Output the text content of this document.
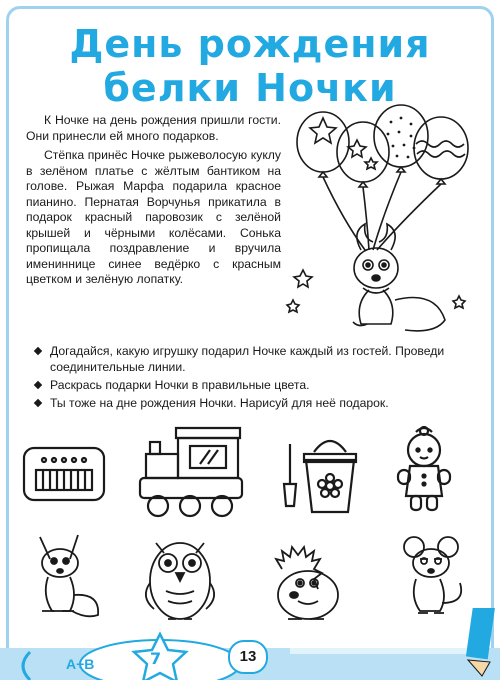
День рождения
белки Ночки

К Ночке на день рождения пришли гости. Они принесли ей много подарков.

Стёпка принёс Ночке рыжеволосую куклу в зелёном платье с жёлтым бантиком на голове. Рыжая Марфа подарила красное пианино. Пернатая Ворчунья прикатила в подарок красный паровозик с зелёной крышей и чёрными колёсами. Сонька пропищала поздравление и вручила имениннице синее ведёрко с красным цветком и зелёную лопатку.

Догадайся, какую игрушку подарил Ночке каждый из гостей. Проведи соединительные линии.
Раскрась подарки Ночки в правильные цвета.
Ты тоже на дне рождения Ночки. Нарисуй для неё подарок.
7
A+B	13
